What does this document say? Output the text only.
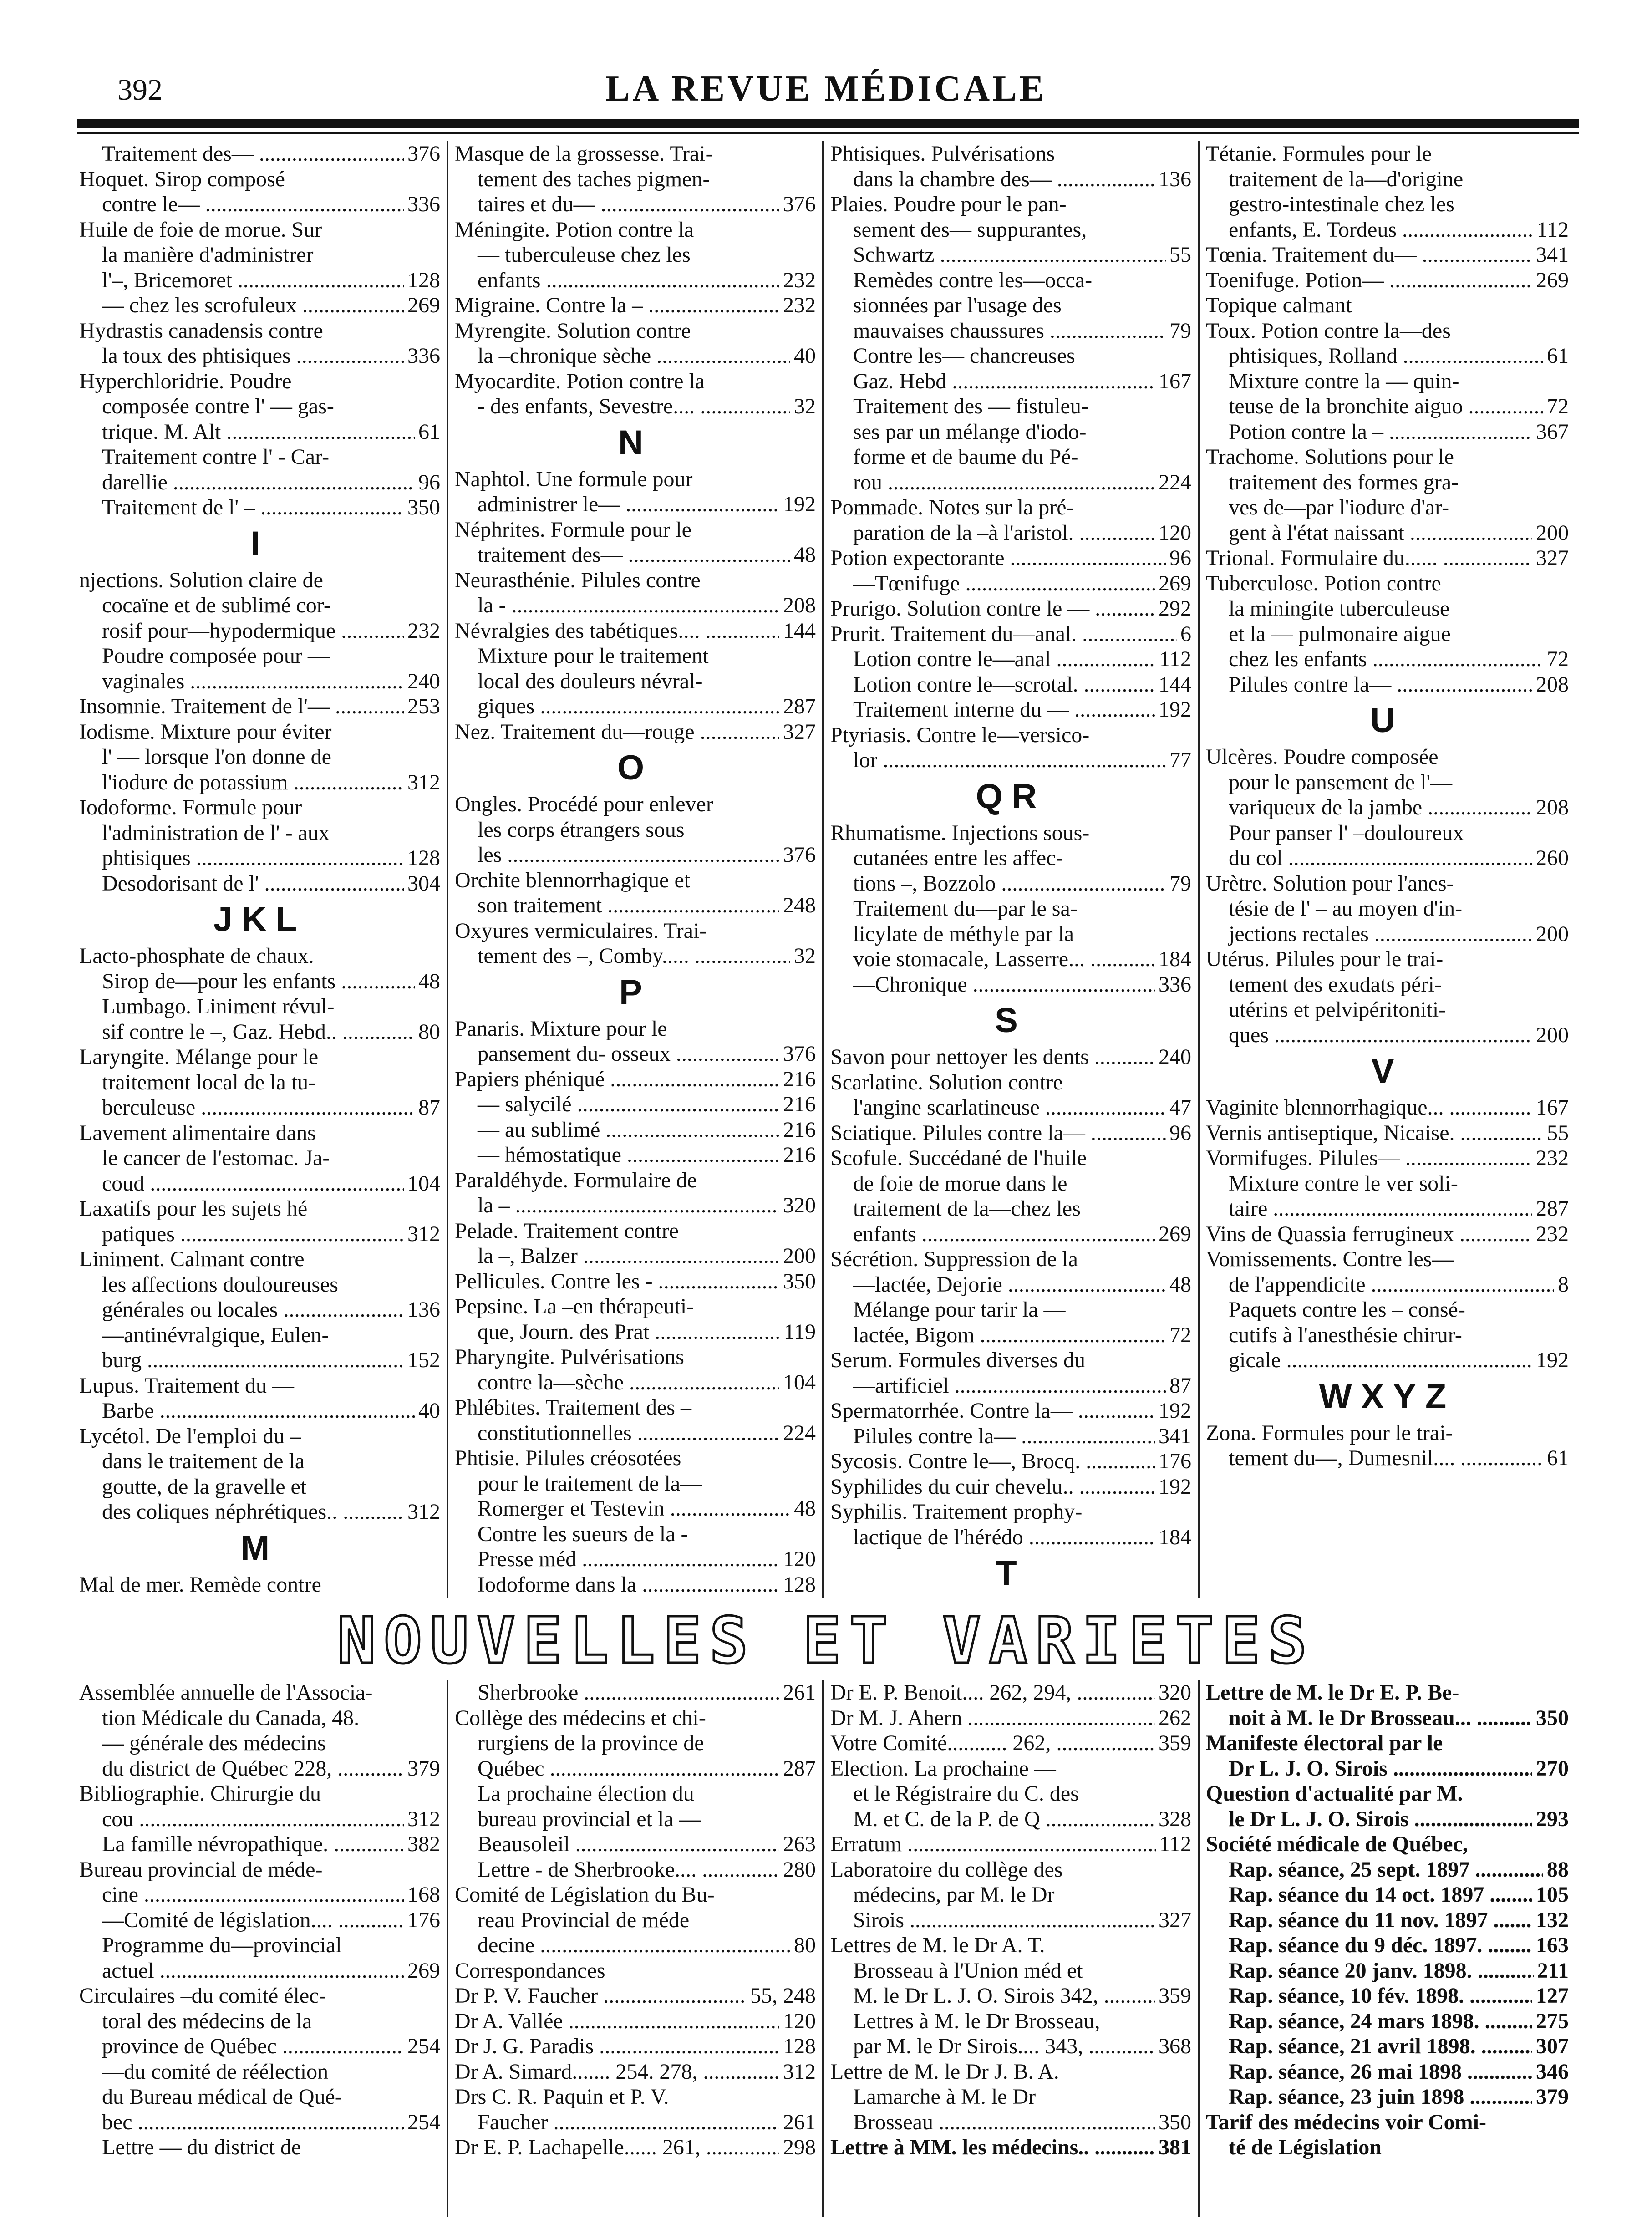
392	LA REVUE MÉDICALE
Traitement des— .....	376
Hoquet. Sirop composé
contre le— .....	336
Huile de foie de morue. Sur
la manière d'administrer
l'–, Bricemoret .....	128
— chez les scrofuleux .....	269
Hydrastis canadensis contre
la toux des phtisiques .....	336
Hyperchloridrie. Poudre
composée contre l' — gas-
trique. M. Alt .....	61
Traitement contre l' - Car-
darellie .....	96
Traitement de l' – .....	350
I
njections. Solution claire de
cocaïne et de sublimé cor-
rosif pour—hypodermique .....	232
Poudre composée pour —
vaginales .....	240
Insomnie. Traitement de l'— .....	253
Iodisme. Mixture pour éviter
l' — lorsque l'on donne de
l'iodure de potassium .....	312
Iodoforme. Formule pour
l'administration de l' - aux
phtisiques .....	128
Desodorisant de l' .....	304
JKL
Lacto-phosphate de chaux.
Sirop de—pour les enfants .....	48
Lumbago. Liniment révul-
sif contre le –, Gaz. Hebd.. .....	80
Laryngite. Mélange pour le
traitement local de la tu-
berculeuse .....	87
Lavement alimentaire dans
le cancer de l'estomac. Ja-
coud .....	104
Laxatifs pour les sujets hé
patiques .....	312
Liniment. Calmant contre
les affections douloureuses
générales ou locales .....	136
—antinévralgique, Eulen-
burg .....	152
Lupus. Traitement du —
Barbe .....	40
Lycétol. De l'emploi du –
dans le traitement de la
goutte, de la gravelle et
des coliques néphrétiques.. .....	312
M
Mal de mer. Remède contre
.....
Masque de la grossesse. Trai-
tement des taches pigmen-
taires et du— .....	376
Méningite. Potion contre la
— tuberculeuse chez les
enfants .....	232
Migraine. Contre la – .....	232
Myrengite. Solution contre
la –chronique sèche .....	40
Myocardite. Potion contre la
- des enfants, Sevestre.... .....	32
N
Naphtol. Une formule pour
administrer le— .....	192
Néphrites. Formule pour le
traitement des— .....	48
Neurasthénie. Pilules contre
la - .....	208
Névralgies des tabétiques.... .....	144
Mixture pour le traitement
local des douleurs névral-
giques .....	287
Nez. Traitement du—rouge .....	327
O
Ongles. Procédé pour enlever
les corps étrangers sous
les .....	376
Orchite blennorrhagique et
son traitement .....	248
Oxyures vermiculaires. Trai-
tement des –, Comby..... .....	32
P
Panaris. Mixture pour le
pansement du- osseux .....	376
Papiers phéniqué .....	216
— salycilé .....	216
— au sublimé .....	216
— hémostatique .....	216
Paraldéhyde. Formulaire de
la – .....	320
Pelade. Traitement contre
la –, Balzer .....	200
Pellicules. Contre les - .....	350
Pepsine. La –en thérapeuti-
que, Journ. des Prat .....	119
Pharyngite. Pulvérisations
contre la—sèche .....	104
Phlébites. Traitement des –
constitutionnelles .....	224
Phtisie. Pilules créosotées
pour le traitement de la—
Romerger et Testevin .....	48
Contre les sueurs de la -
Presse méd .....	120
Iodoforme dans la .....	128
Phtisiques. Pulvérisations
dans la chambre des— .....	136
Plaies. Poudre pour le pan-
sement des— suppurantes,
Schwartz .....	55
Remèdes contre les—occa-
sionnées par l'usage des
mauvaises chaussures .....	79
Contre les— chancreuses
Gaz. Hebd .....	167
Traitement des — fistuleu-
ses par un mélange d'iodo-
forme et de baume du Pé-
rou .....	224
Pommade. Notes sur la pré-
paration de la –à l'aristol. .....	120
Potion expectorante .....	96
—Tœnifuge .....	269
Prurigo. Solution contre le — .....	292
Prurit. Traitement du—anal. .....	6
Lotion contre le—anal .....	112
Lotion contre le—scrotal. .....	144
Traitement interne du — .....	192
Ptyriasis. Contre le—versico-
lor .....	77
QR
Rhumatisme. Injections sous-
cutanées entre les affec-
tions –, Bozzolo .....	79
Traitement du—par le sa-
licylate de méthyle par la
voie stomacale, Lasserre... .....	184
—Chronique .....	336
S
Savon pour nettoyer les dents .....	240
Scarlatine. Solution contre
l'angine scarlatineuse .....	47
Sciatique. Pilules contre la— .....	96
Scofule. Succédané de l'huile
de foie de morue dans le
traitement de la—chez les
enfants .....	269
Sécrétion. Suppression de la
—lactée, Dejorie .....	48
Mélange pour tarir la —
lactée, Bigom .....	72
Serum. Formules diverses du
—artificiel .....	87
Spermatorrhée. Contre la— .....	192
Pilules contre la— .....	341
Sycosis. Contre le—, Brocq. .....	176
Syphilides du cuir chevelu.. .....	192
Syphilis. Traitement prophy-
lactique de l'hérédo .....	184
T
.....
Tétanie. Formules pour le
traitement de la—d'origine
gestro-intestinale chez les
enfants, E. Tordeus .....	112
Tœnia. Traitement du— .....	341
Toenifuge. Potion— .....	269
Topique calmant
Toux. Potion contre la—des
phtisiques, Rolland .....	61
Mixture contre la — quin-
teuse de la bronchite aiguo .....	72
Potion contre la – .....	367
Trachome. Solutions pour le
traitement des formes gra-
ves de—par l'iodure d'ar-
gent à l'état naissant .....	200
Trional. Formulaire du...... .....	327
Tuberculose. Potion contre
la miningite tuberculeuse
et la — pulmonaire aigue
chez les enfants .....	72
Pilules contre la— .....	208
U
Ulcères. Poudre composée
pour le pansement de l'—
variqueux de la jambe .....	208
Pour panser l' –douloureux
du col .....	260
Urètre. Solution pour l'anes-
tésie de l' – au moyen d'in-
jections rectales .....	200
Utérus. Pilules pour le trai-
tement des exudats péri-
utérins et pelvipéritoniti-
ques .....	200
V
Vaginite blennorrhagique... .....	167
Vernis antiseptique, Nicaise. .....	55
Vormifuges. Pilules— .....	232
Mixture contre le ver soli-
taire .....	287
Vins de Quassia ferrugineux .....	232
Vomissements. Contre les—
de l'appendicite .....	8
Paquets contre les – consé-
cutifs à l'anesthésie chirur-
gicale .....	192
WXYZ
Zona. Formules pour le trai-
tement du—, Dumesnil.... .....	61
NOUVELLES ET VARIETES
Assemblée annuelle de l'Associa-
tion Médicale du Canada, 48.
— générale des médecins
du district de Québec 228, .....	379
Bibliographie. Chirurgie du
cou .....	312
La famille névropathique. .....	382
Bureau provincial de méde-
cine .....	168
—Comité de législation.... .....	176
Programme du—provincial
actuel .....	269
Circulaires –du comité élec-
toral des médecins de la
province de Québec .....	254
—du comité de réélection
du Bureau médical de Qué-
bec .....	254
Lettre — du district de
Sherbrooke .....	261
Collège des médecins et chi-
rurgiens de la province de
Québec .....	287
La prochaine élection du
bureau provincial et la —
Beausoleil .....	263
Lettre - de Sherbrooke.... .....	280
Comité de Législation du Bu-
reau Provincial de méde
decine .....	80
Correspondances
Dr P. V. Faucher .....	55, 248
Dr A. Vallée .....	120
Dr J. G. Paradis .....	128
Dr A. Simard....... 254. 278, .....	312
Drs C. R. Paquin et P. V.
Faucher .....	261
Dr E. P. Lachapelle...... 261, .....	298
Dr E. P. Benoit.... 262, 294, .....	320
Dr M. J. Ahern .....	262
Votre Comité........... 262, .....	359
Election. La prochaine —
et le Régistraire du C. des
M. et C. de la P. de Q .....	328
Erratum .....	112
Laboratoire du collège des
médecins, par M. le Dr
Sirois .....	327
Lettres de M. le Dr A. T.
Brosseau à l'Union méd et
M. le Dr L. J. O. Sirois 342, .....	359
Lettres à M. le Dr Brosseau,
par M. le Dr Sirois.... 343, .....	368
Lettre de M. le Dr J. B. A.
Lamarche à M. le Dr
Brosseau .....	350
Lettre à MM. les médecins.. .....	381
Lettre de M. le Dr E. P. Be-
noit à M. le Dr Brosseau... .....	350
Manifeste électoral par le
Dr L. J. O. Sirois .....	270
Question d'actualité par M.
le Dr L. J. O. Sirois .....	293
Société médicale de Québec,
Rap. séance, 25 sept. 1897 .....	88
Rap. séance du 14 oct. 1897 .....	105
Rap. séance du 11 nov. 1897 .....	132
Rap. séance du 9 déc. 1897. .....	163
Rap. séance 20 janv. 1898. .....	211
Rap. séance, 10 fév. 1898. .....	127
Rap. séance, 24 mars 1898. .....	275
Rap. séance, 21 avril 1898. .....	307
Rap. séance, 26 mai 1898 .....	346
Rap. séance, 23 juin 1898 .....	379
Tarif des médecins voir Comi-
té de Législation
